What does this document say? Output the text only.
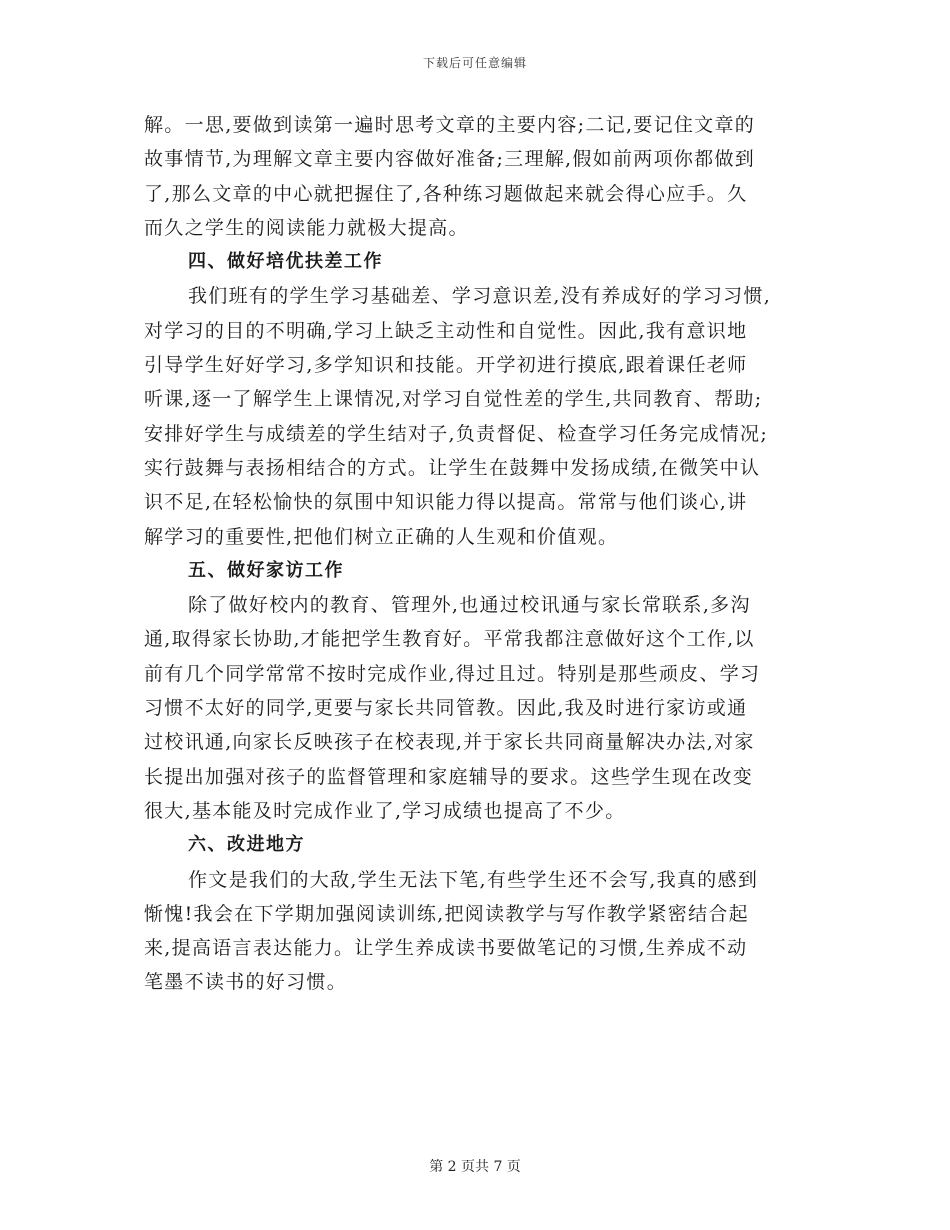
下载后可任意编辑
解。一思,要做到读第一遍时思考文章的主要内容;二记,要记住文章的
故事情节,为理解文章主要内容做好准备;三理解,假如前两项你都做到
了,那么文章的中心就把握住了,各种练习题做起来就会得心应手。久
而久之学生的阅读能力就极大提高。
四、做好培优扶差工作
我们班有的学生学习基础差、学习意识差,没有养成好的学习习惯,
对学习的目的不明确,学习上缺乏主动性和自觉性。因此,我有意识地
引导学生好好学习,多学知识和技能。开学初进行摸底,跟着课任老师
听课,逐一了解学生上课情况,对学习自觉性差的学生,共同教育、帮助;
安排好学生与成绩差的学生结对子,负责督促、检查学习任务完成情况;
实行鼓舞与表扬相结合的方式。让学生在鼓舞中发扬成绩,在微笑中认
识不足,在轻松愉快的氛围中知识能力得以提高。常常与他们谈心,讲
解学习的重要性,把他们树立正确的人生观和价值观。
五、做好家访工作
除了做好校内的教育、管理外,也通过校讯通与家长常联系,多沟
通,取得家长协助,才能把学生教育好。平常我都注意做好这个工作,以
前有几个同学常常不按时完成作业,得过且过。特别是那些顽皮、学习
习惯不太好的同学,更要与家长共同管教。因此,我及时进行家访或通
过校讯通,向家长反映孩子在校表现,并于家长共同商量解决办法,对家
长提出加强对孩子的监督管理和家庭辅导的要求。这些学生现在改变
很大,基本能及时完成作业了,学习成绩也提高了不少。
六、改进地方
作文是我们的大敌,学生无法下笔,有些学生还不会写,我真的感到
惭愧!我会在下学期加强阅读训练,把阅读教学与写作教学紧密结合起
来,提高语言表达能力。让学生养成读书要做笔记的习惯,生养成不动
笔墨不读书的好习惯。
第 2 页共 7 页
